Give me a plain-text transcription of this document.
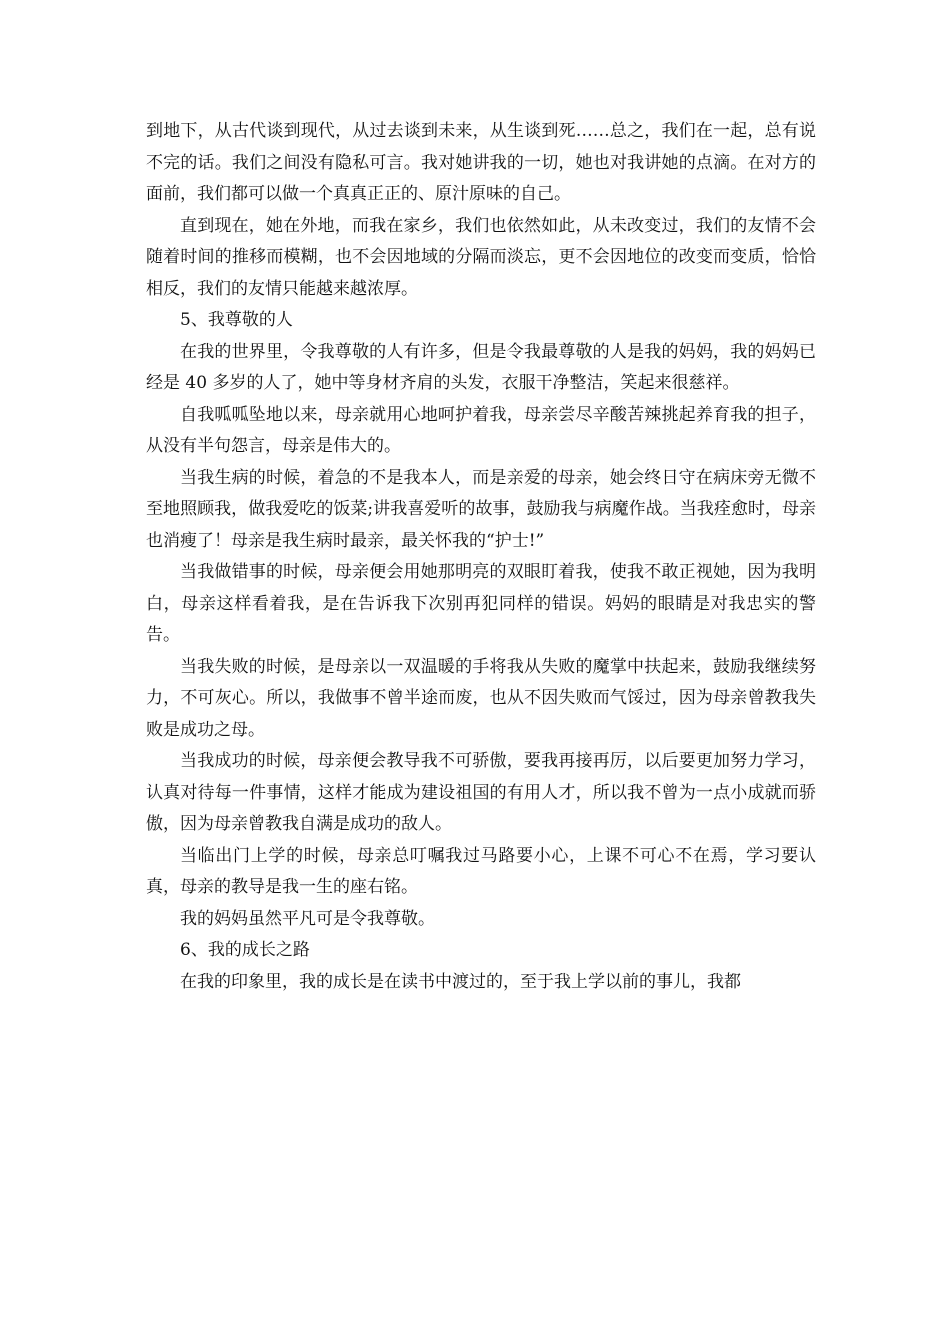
到地下，从古代谈到现代，从过去谈到未来，从生谈到死……总之，我们在一起，总有说不完的话。我们之间没有隐私可言。我对她讲我的一切，她也对我讲她的点滴。在对方的面前，我们都可以做一个真真正正的、原汁原味的自己。

直到现在，她在外地，而我在家乡，我们也依然如此，从未改变过，我们的友情不会随着时间的推移而模糊，也不会因地域的分隔而淡忘，更不会因地位的改变而变质，恰恰相反，我们的友情只能越来越浓厚。

5、我尊敬的人

在我的世界里，令我尊敬的人有许多，但是令我最尊敬的人是我的妈妈，我的妈妈已经是 40 多岁的人了，她中等身材齐肩的头发，衣服干净整洁，笑起来很慈祥。

自我呱呱坠地以来，母亲就用心地呵护着我，母亲尝尽辛酸苦辣挑起养育我的担子，从没有半句怨言，母亲是伟大的。

当我生病的时候，着急的不是我本人，而是亲爱的母亲，她会终日守在病床旁无微不至地照顾我，做我爱吃的饭菜;讲我喜爱听的故事，鼓励我与病魔作战。当我痊愈时，母亲也消瘦了！母亲是我生病时最亲，最关怀我的“护士!”

当我做错事的时候，母亲便会用她那明亮的双眼盯着我，使我不敢正视她，因为我明白，母亲这样看着我，是在告诉我下次别再犯同样的错误。妈妈的眼睛是对我忠实的警告。

当我失败的时候，是母亲以一双温暖的手将我从失败的魔掌中扶起来，鼓励我继续努力，不可灰心。所以，我做事不曾半途而废，也从不因失败而气馁过，因为母亲曾教我失败是成功之母。

当我成功的时候，母亲便会教导我不可骄傲，要我再接再厉，以后要更加努力学习，认真对待每一件事情，这样才能成为建设祖国的有用人才，所以我不曾为一点小成就而骄傲，因为母亲曾教我自满是成功的敌人。

当临出门上学的时候，母亲总叮嘱我过马路要小心，上课不可心不在焉，学习要认真，母亲的教导是我一生的座右铭。

我的妈妈虽然平凡可是令我尊敬。

6、我的成长之路

在我的印象里，我的成长是在读书中渡过的，至于我上学以前的事儿，我都
